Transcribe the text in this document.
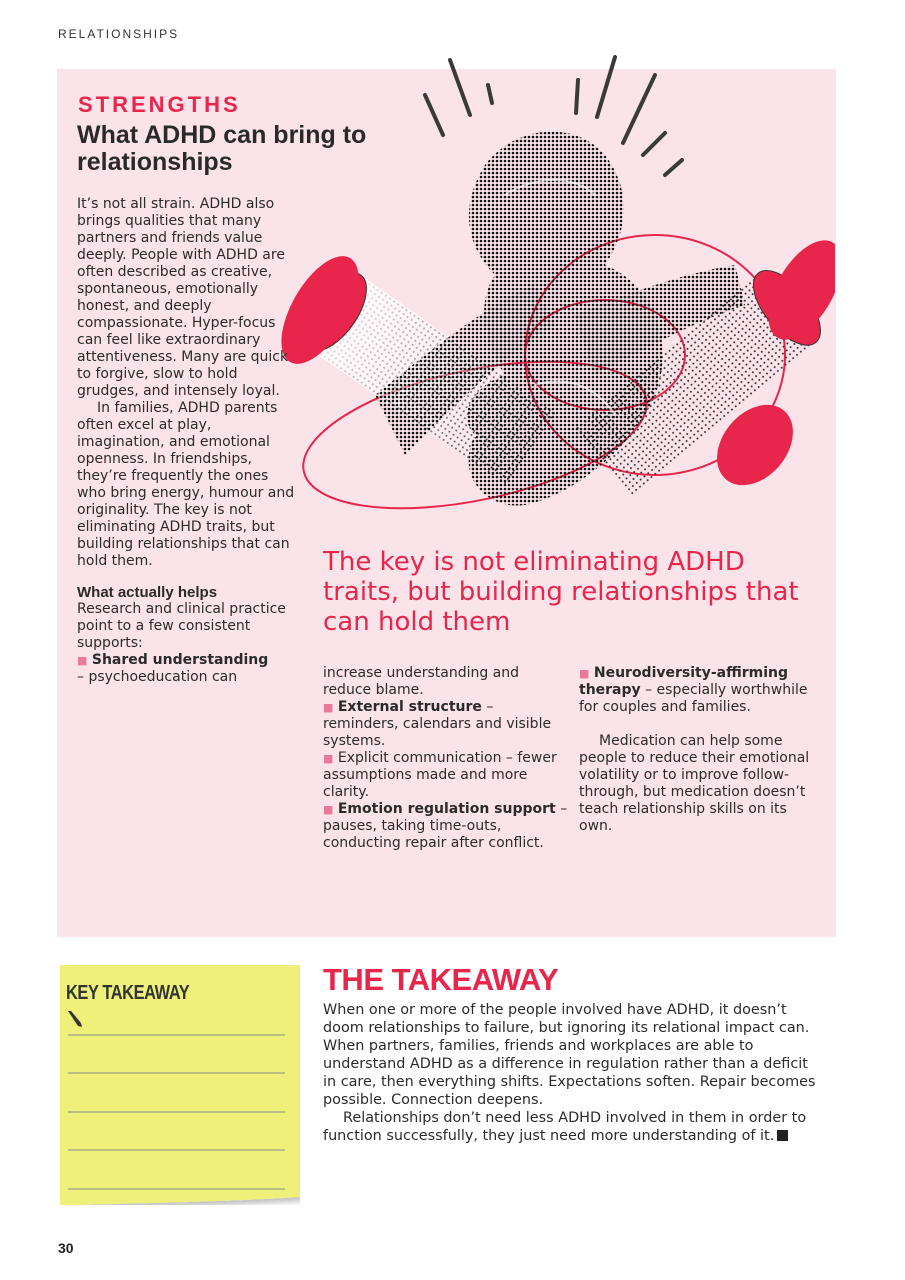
RELATIONSHIPS
STRENGTHS
What ADHD can bring to relationships

It’s not all strain. ADHD also brings qualities that many partners and friends value deeply. People with ADHD are often described as creative, spontaneous, emotionally honest, and deeply compassionate. Hyper-focus can feel like extraordinary attentiveness. Many are quick to forgive, slow to hold grudges, and intensely loyal.

In families, ADHD parents often excel at play, imagination, and emotional openness. In friendships, they’re frequently the ones who bring energy, humour and originality. The key is not eliminating ADHD traits, but building relationships that can hold them.

What actually helps

Research and clinical practice point to a few consistent supports:

■ Shared understanding
– psychoeducation can

The key is not eliminating ADHD traits, but building relationships that can hold them

increase understanding and reduce blame.

■ External structure – reminders, calendars and visible systems.

■ Explicit communication – fewer assumptions made and more clarity.

■ Emotion regulation support – pauses, taking time-outs, conducting repair after conflict.

■ Neurodiversity-affirming therapy – especially worthwhile for couples and families.

Medication can help some people to reduce their emotional volatility or to improve follow-through, but medication doesn’t teach relationship skills on its own.

KEY TAKEAWAY	THE TAKEAWAY

When one or more of the people involved have ADHD, it doesn’t doom relationships to failure, but ignoring its relational impact can. When partners, families, friends and workplaces are able to understand ADHD as a difference in regulation rather than a deficit in care, then everything shifts. Expectations soften. Repair becomes possible. Connection deepens.

Relationships don’t need less ADHD involved in them in order to function successfully, they just need more understanding of it.

30
